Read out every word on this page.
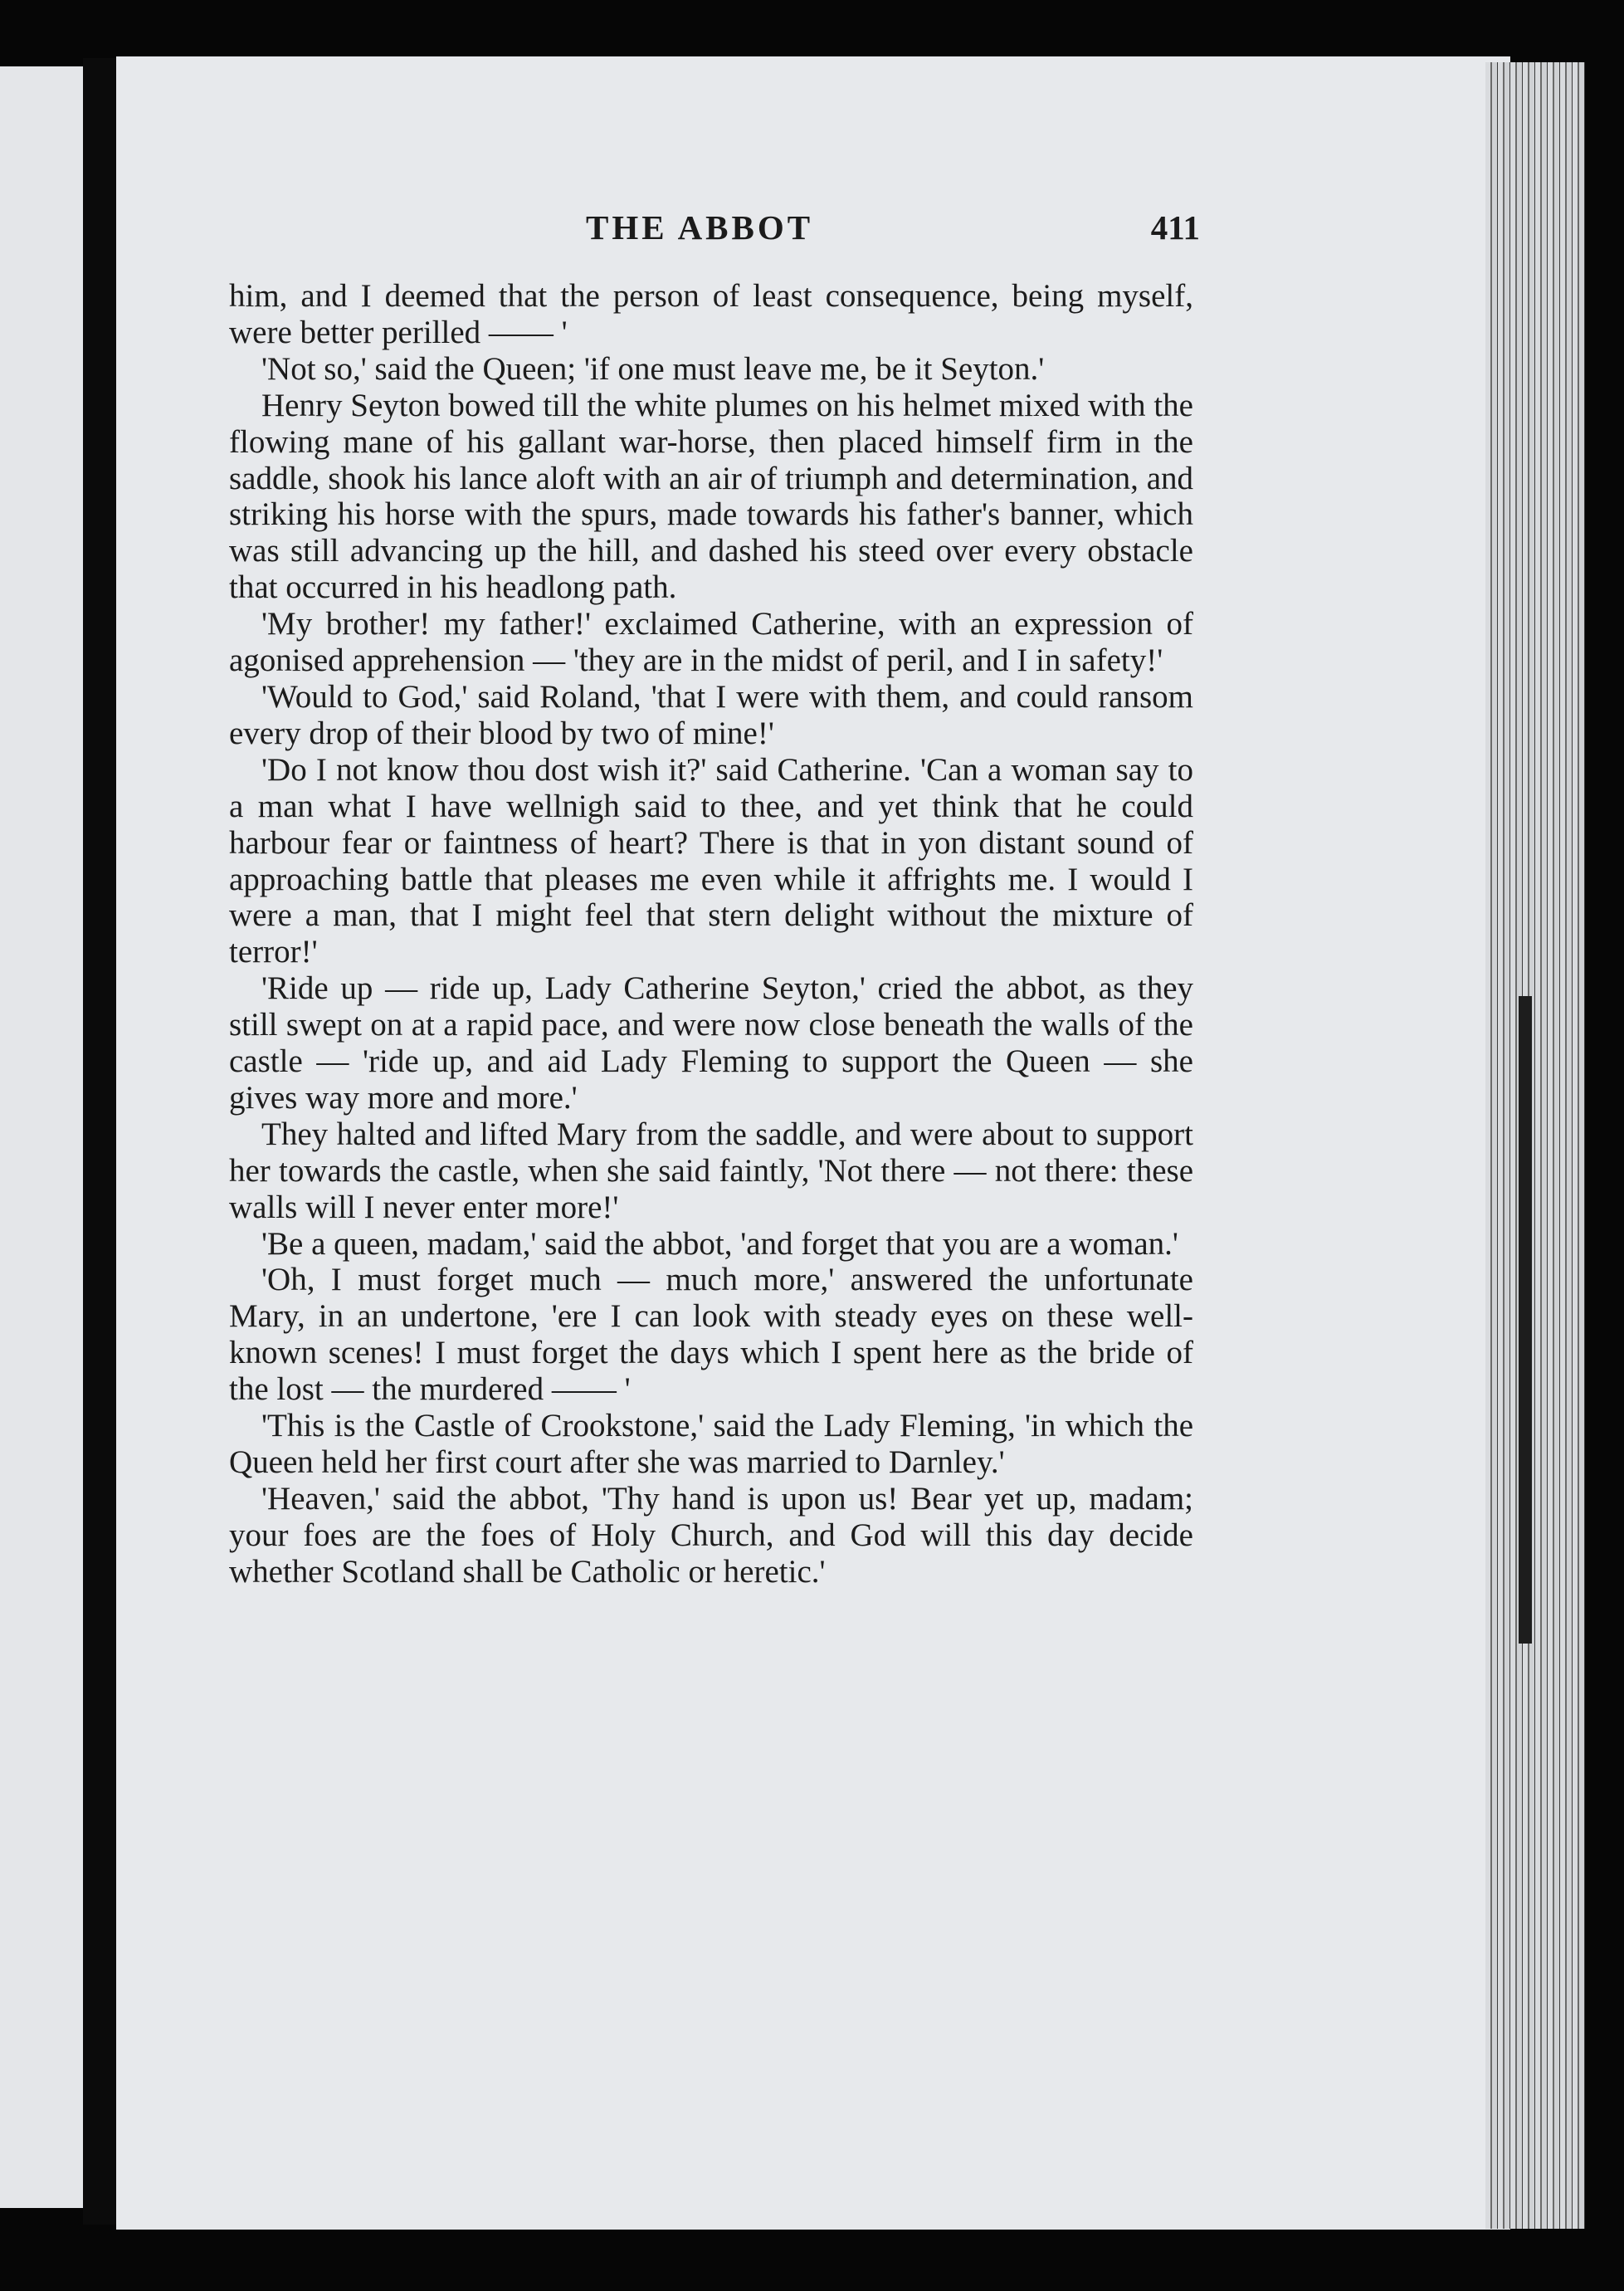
THE ABBOT	411

him, and I deemed that the person of least consequence, being myself, were better perilled —— '

'Not so,' said the Queen; 'if one must leave me, be it Seyton.'

Henry Seyton bowed till the white plumes on his helmet mixed with the flowing mane of his gallant war-horse, then placed himself firm in the saddle, shook his lance aloft with an air of triumph and determination, and striking his horse with the spurs, made towards his father's banner, which was still advancing up the hill, and dashed his steed over every obstacle that occurred in his headlong path.

'My brother! my father!' exclaimed Catherine, with an expression of agonised apprehension — 'they are in the midst of peril, and I in safety!'

'Would to God,' said Roland, 'that I were with them, and could ransom every drop of their blood by two of mine!'

'Do I not know thou dost wish it?' said Catherine. 'Can a woman say to a man what I have wellnigh said to thee, and yet think that he could harbour fear or faintness of heart? There is that in yon distant sound of approaching battle that pleases me even while it affrights me. I would I were a man, that I might feel that stern delight without the mixture of terror!'

'Ride up — ride up, Lady Catherine Seyton,' cried the abbot, as they still swept on at a rapid pace, and were now close beneath the walls of the castle — 'ride up, and aid Lady Fleming to support the Queen — she gives way more and more.'

They halted and lifted Mary from the saddle, and were about to support her towards the castle, when she said faintly, 'Not there — not there: these walls will I never enter more!'

'Be a queen, madam,' said the abbot, 'and forget that you are a woman.'

'Oh, I must forget much — much more,' answered the unfortunate Mary, in an undertone, 'ere I can look with steady eyes on these well-known scenes! I must forget the days which I spent here as the bride of the lost — the murdered —— '

'This is the Castle of Crookstone,' said the Lady Fleming, 'in which the Queen held her first court after she was married to Darnley.'

'Heaven,' said the abbot, 'Thy hand is upon us! Bear yet up, madam; your foes are the foes of Holy Church, and God will this day decide whether Scotland shall be Catholic or heretic.'
